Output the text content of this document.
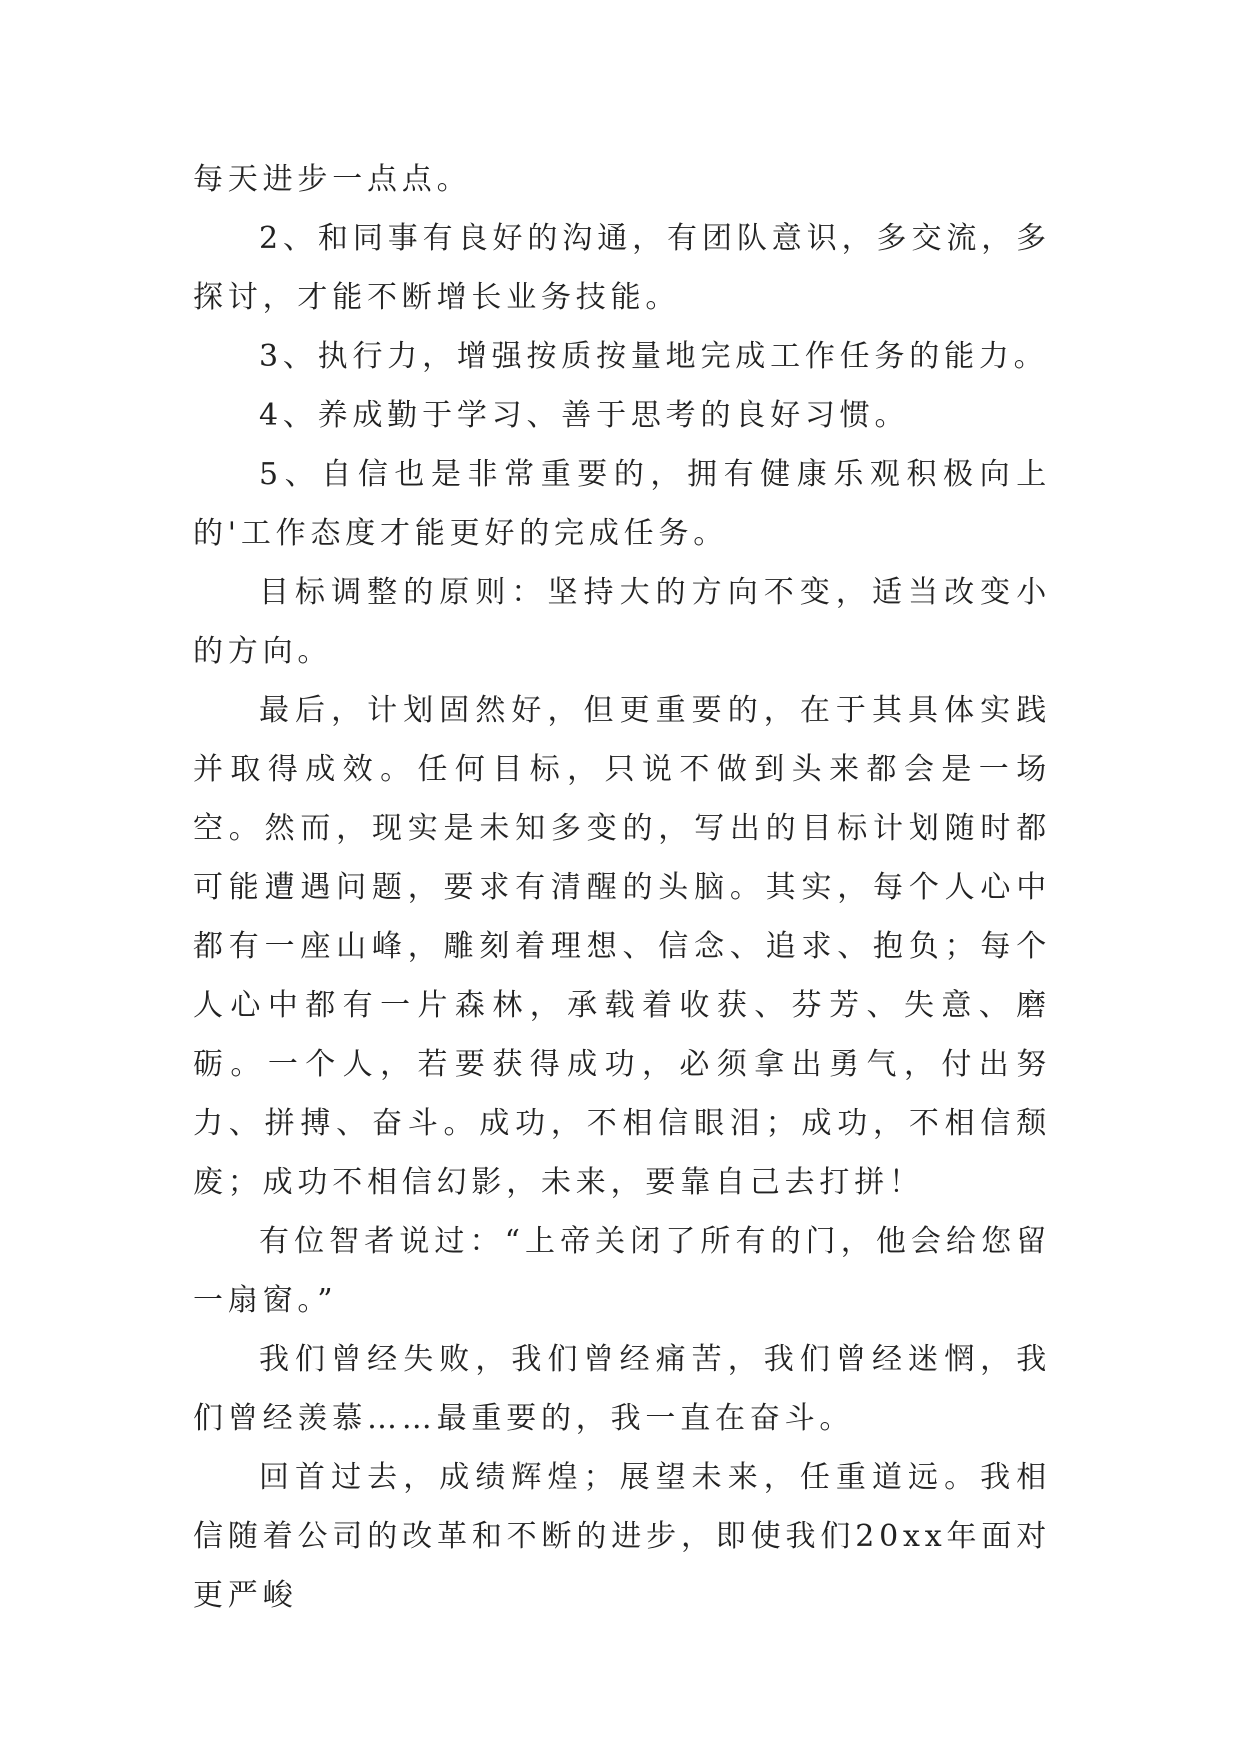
每天进步一点点。

2、和同事有良好的沟通，有团队意识，多交流，多探讨，才能不断增长业务技能。

3、执行力，增强按质按量地完成工作任务的能力。

4、养成勤于学习、善于思考的良好习惯。

5、自信也是非常重要的，拥有健康乐观积极向上的'工作态度才能更好的完成任务。

目标调整的原则：坚持大的方向不变，适当改变小的方向。

最后，计划固然好，但更重要的，在于其具体实践并取得成效。任何目标，只说不做到头来都会是一场空。然而，现实是未知多变的，写出的目标计划随时都可能遭遇问题，要求有清醒的头脑。其实，每个人心中都有一座山峰，雕刻着理想、信念、追求、抱负；每个人心中都有一片森林，承载着收获、芬芳、失意、磨砺。一个人，若要获得成功，必须拿出勇气，付出努力、拼搏、奋斗。成功，不相信眼泪；成功，不相信颓废；成功不相信幻影，未来，要靠自己去打拼！

有位智者说过：“上帝关闭了所有的门，他会给您留一扇窗。”

我们曾经失败，我们曾经痛苦，我们曾经迷惘，我们曾经羡慕……最重要的，我一直在奋斗。

回首过去，成绩辉煌；展望未来，任重道远。我相信随着公司的改革和不断的进步，即使我们20xx年面对更严峻
